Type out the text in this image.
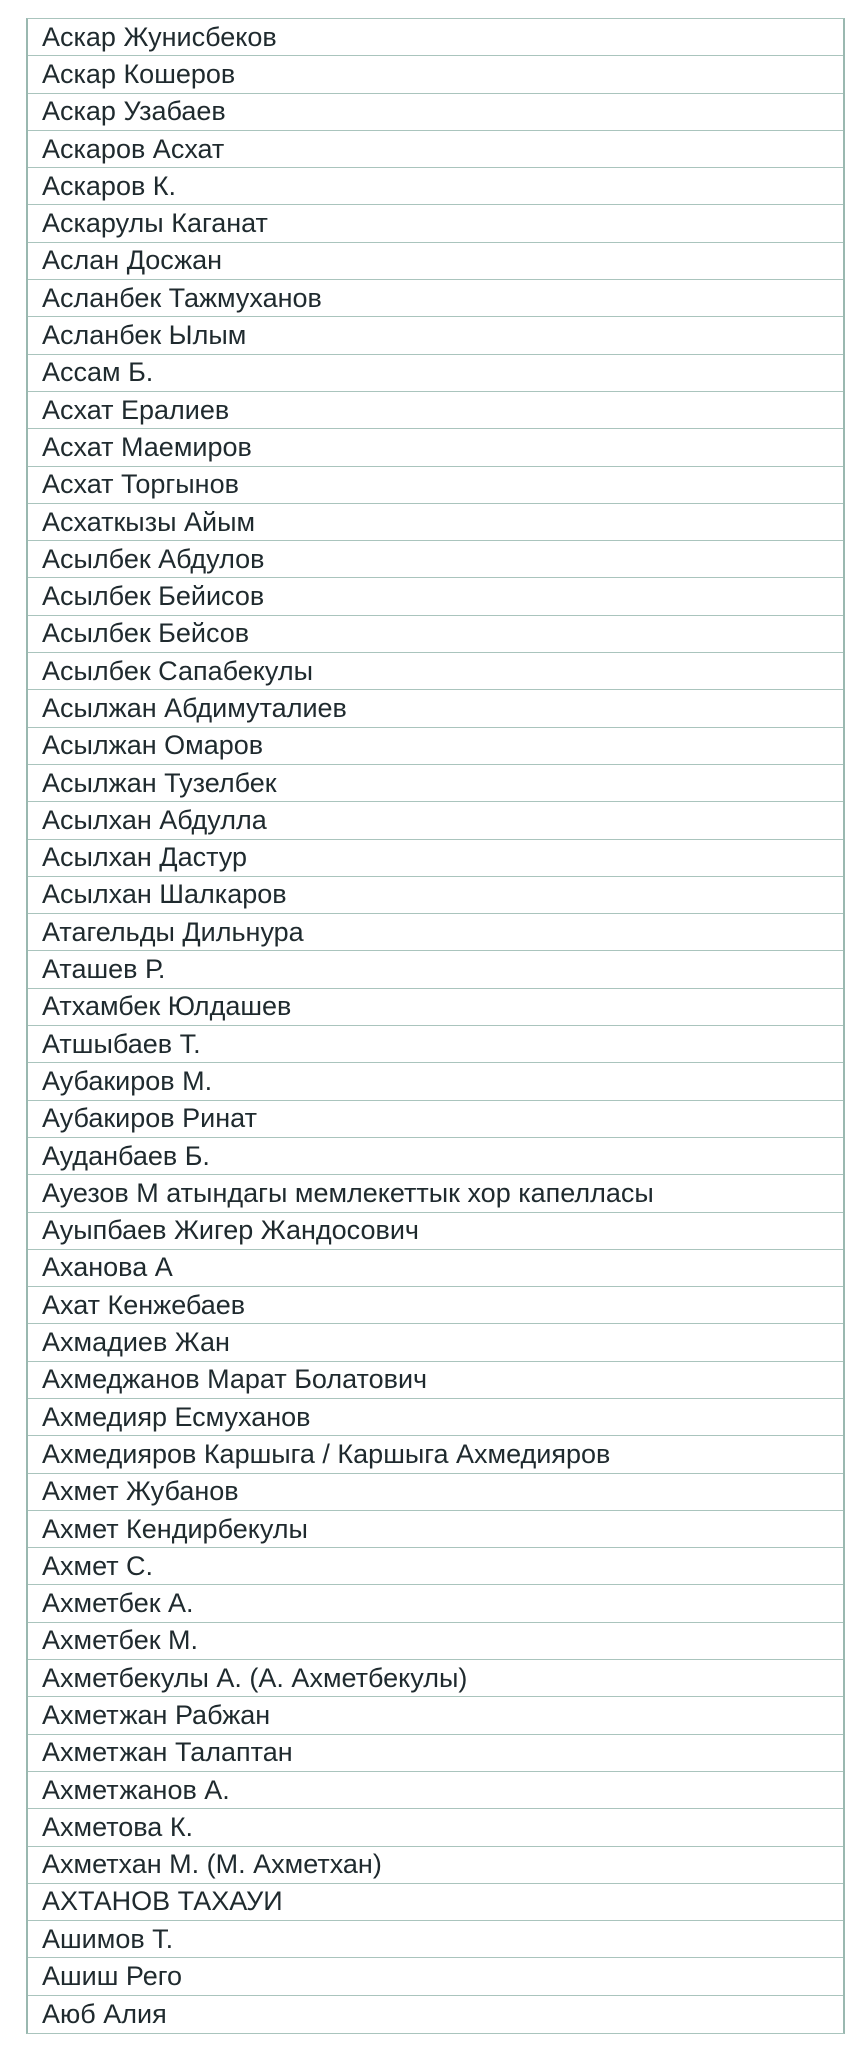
Аскар Жунисбеков
Аскар Кошеров
Аскар Узабаев
Аскаров Асхат
Аскаров К.
Аскарулы Каганат
Аслан Досжан
Асланбек Тажмуханов
Асланбек Ылым
Ассам Б.
Асхат Ералиев
Асхат Маемиров
Асхат Торгынов
Асхаткызы Айым
Асылбек Абдулов
Асылбек Бейисов
Асылбек Бейсов
Асылбек Сапабекулы
Асылжан Абдимуталиев
Асылжан Омаров
Асылжан Тузелбек
Асылхан Абдулла
Асылхан Дастур
Асылхан Шалкаров
Атагельды Дильнура
Аташев Р.
Атхамбек Юлдашев
Атшыбаев Т.
Аубакиров М.
Аубакиров Ринат
Ауданбаев Б.
Ауезов М атындагы мемлекеттык хор капелласы
Ауыпбаев Жигер Жандосович
Аханова А
Ахат Кенжебаев
Ахмадиев Жан
Ахмеджанов Марат Болатович
Ахмедияр Есмуханов
Ахмедияров Каршыга / Каршыга Ахмедияров
Ахмет Жубанов
Ахмет Кендирбекулы
Ахмет С.
Ахметбек А.
Ахметбек М.
Ахметбекулы А. (А. Ахметбекулы)
Ахметжан Рабжан
Ахметжан Талаптан
Ахметжанов А.
Ахметова К.
Ахметхан М. (М. Ахметхан)
АХТАНОВ ТАХАУИ
Ашимов Т.
Ашиш Рего
Аюб Алия
